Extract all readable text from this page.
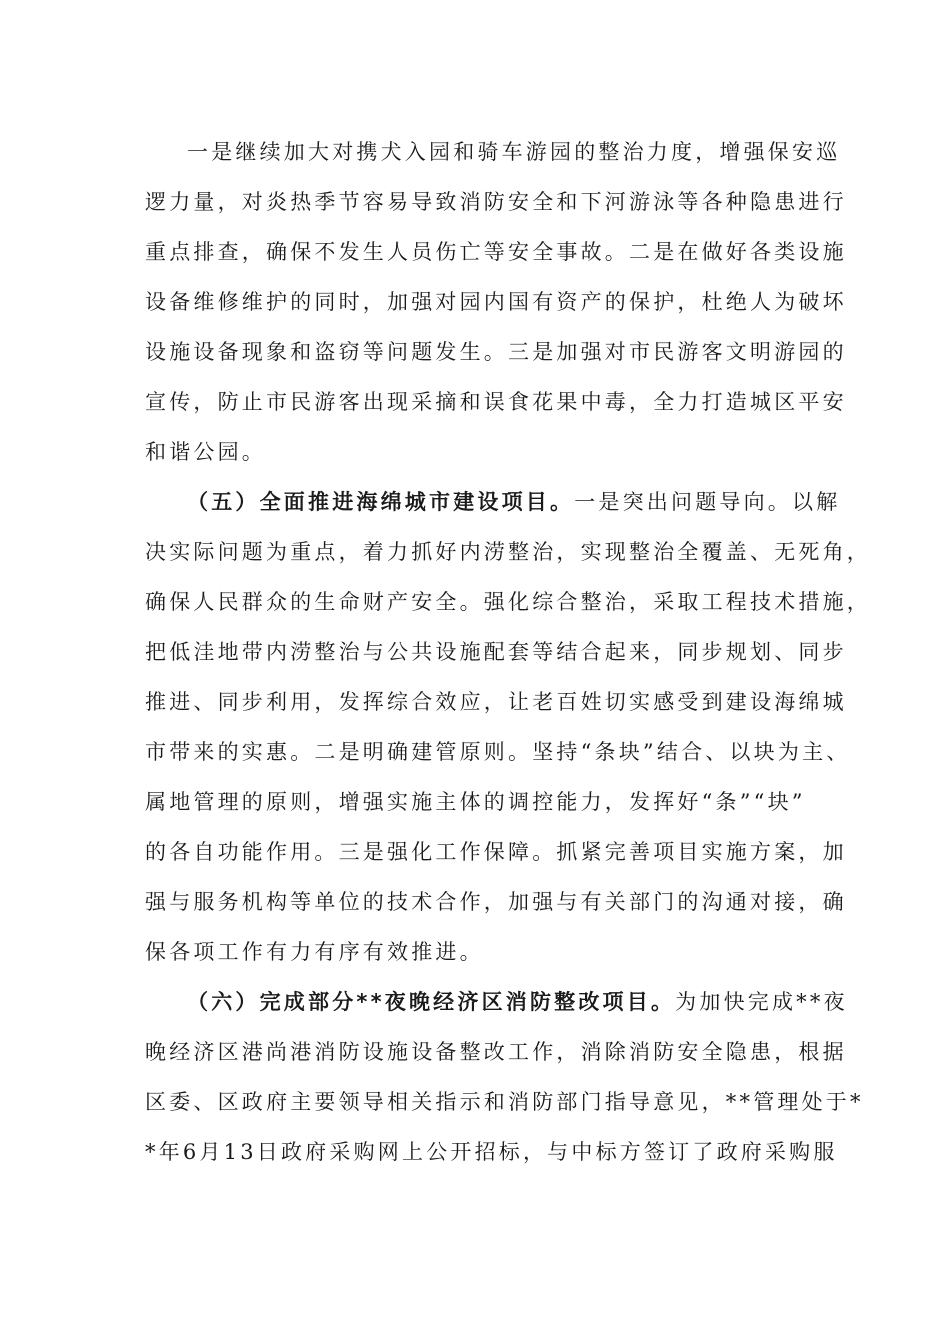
一是继续加大对携犬入园和骑车游园的整治力度，增强保安巡
逻力量，对炎热季节容易导致消防安全和下河游泳等各种隐患进行
重点排查，确保不发生人员伤亡等安全事故。二是在做好各类设施
设备维修维护的同时，加强对园内国有资产的保护，杜绝人为破坏
设施设备现象和盗窃等问题发生。三是加强对市民游客文明游园的
宣传，防止市民游客出现采摘和误食花果中毒，全力打造城区平安
和谐公园。
（五）全面推进海绵城市建设项目。一是突出问题导向。以解
决实际问题为重点，着力抓好内涝整治，实现整治全覆盖、无死角，
确保人民群众的生命财产安全。强化综合整治，采取工程技术措施，
把低洼地带内涝整治与公共设施配套等结合起来，同步规划、同步
推进、同步利用，发挥综合效应，让老百姓切实感受到建设海绵城
市带来的实惠。二是明确建管原则。坚持“条块”结合、以块为主、
属地管理的原则，增强实施主体的调控能力，发挥好“条”“块”
的各自功能作用。三是强化工作保障。抓紧完善项目实施方案，加
强与服务机构等单位的技术合作，加强与有关部门的沟通对接，确
保各项工作有力有序有效推进。
（六）完成部分**夜晚经济区消防整改项目。为加快完成**夜
晚经济区港尚港消防设施设备整改工作，消除消防安全隐患，根据
区委、区政府主要领导相关指示和消防部门指导意见，**管理处于*
*年6月13日政府采购网上公开招标，与中标方签订了政府采购服
